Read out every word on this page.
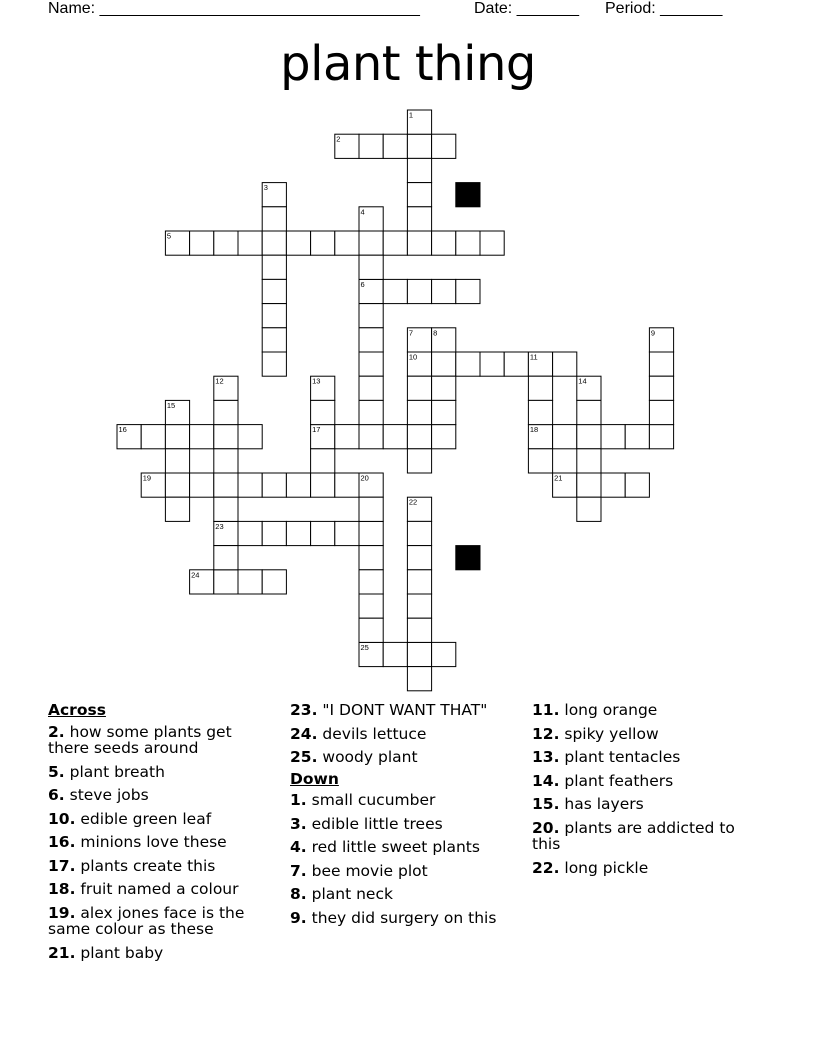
Name: ____________________________________	Date: _______ Period: _______
plant thing
1
2
3
4
5
6
7	8	9
10	11
12	13	14
15
16	17	18
19	20	21
22
23
24
25
Across
2. how some plants get there seeds around
5. plant breath
6. steve jobs
10. edible green leaf
16. minions love these
17. plants create this
18. fruit named a colour
19. alex jones face is the same colour as these
21. plant baby
23. "I DONT WANT THAT"
24. devils lettuce
25. woody plant
Down
1. small cucumber
3. edible little trees
4. red little sweet plants
7. bee movie plot
8. plant neck
9. they did surgery on this
11. long orange
12. spiky yellow
13. plant tentacles
14. plant feathers
15. has layers
20. plants are addicted to this
22. long pickle
